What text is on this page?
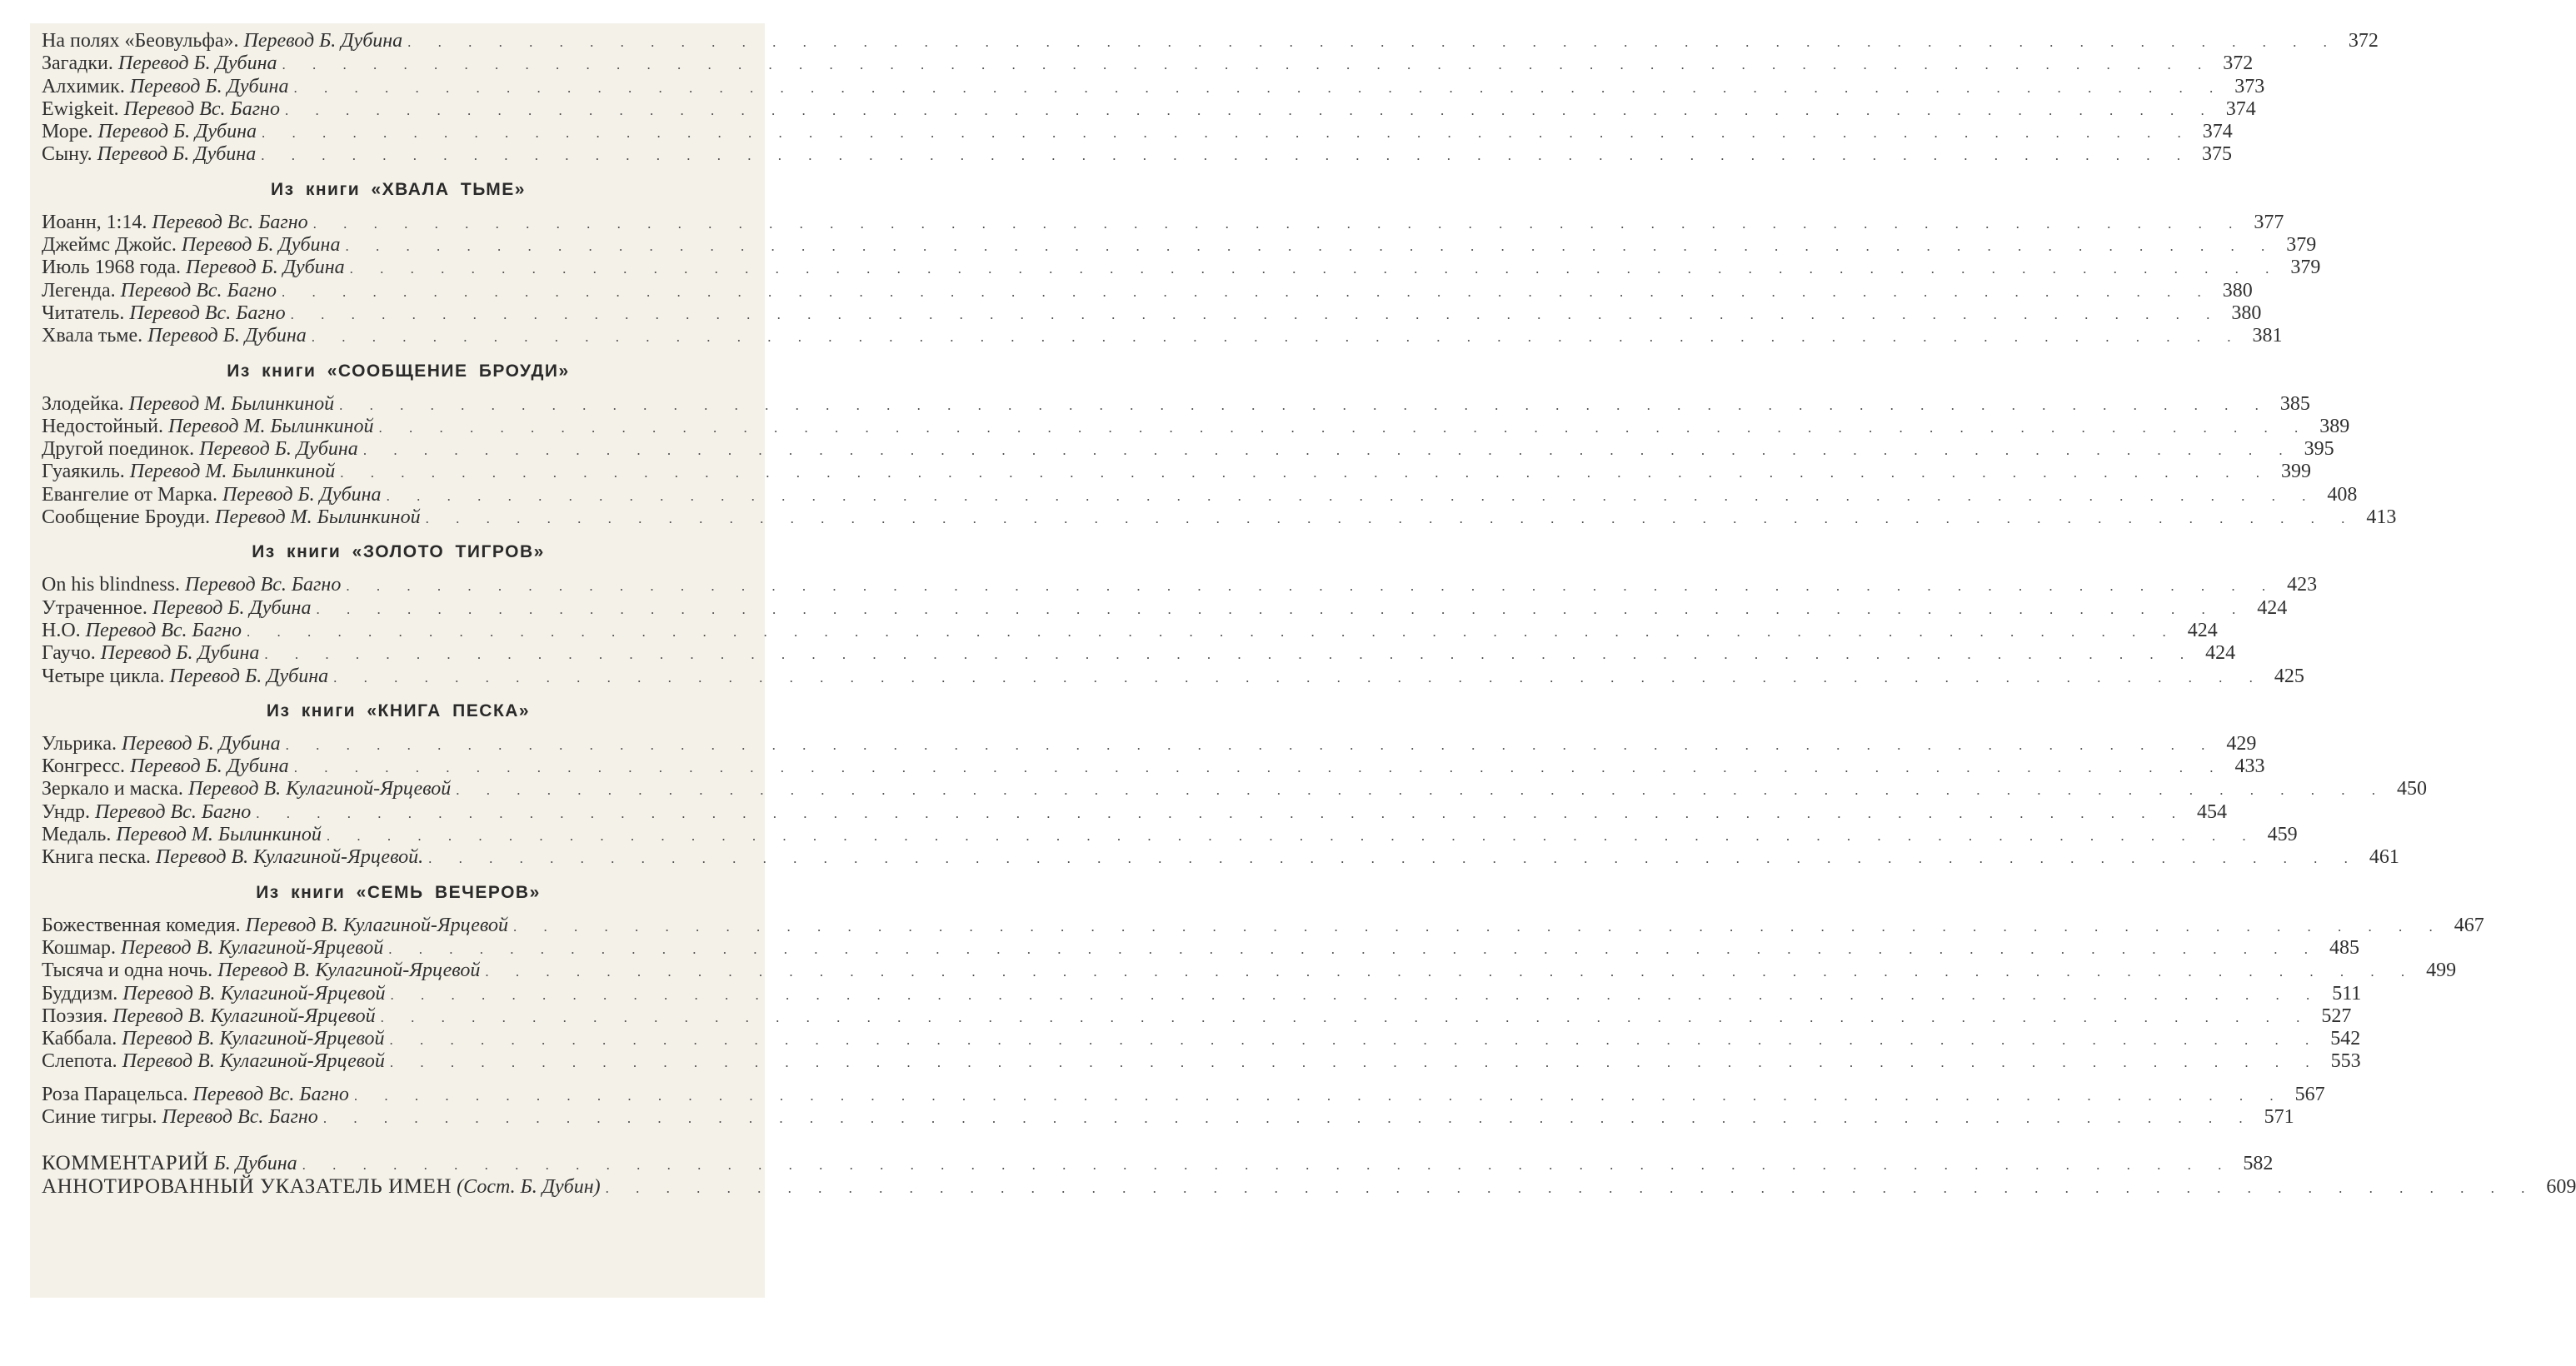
На полях «Беовульфа». Перевод Б. Дубина . . . . . . . . . . . . . . . . . . . . . . . . . . . . . . . . . . . . . . . . . . . . . . . . . . . . . . . . . . . . . . . . 372
Загадки. Перевод Б. Дубина . . . . . . . . . . . . . . . . . . . . . . . . . . . . . . . . . . . . . . . . . . . . . . . . . . . . . . . . . . . . . . . . 372
Алхимик. Перевод Б. Дубина . . . . . . . . . . . . . . . . . . . . . . . . . . . . . . . . . . . . . . . . . . . . . . . . . . . . . . . . . . . . . . . . 373
Ewigkeit. Перевод Вс. Багно . . . . . . . . . . . . . . . . . . . . . . . . . . . . . . . . . . . . . . . . . . . . . . . . . . . . . . . . . . . . . . . . 374
Море. Перевод Б. Дубина . . . . . . . . . . . . . . . . . . . . . . . . . . . . . . . . . . . . . . . . . . . . . . . . . . . . . . . . . . . . . . . . 374
Сыну. Перевод Б. Дубина . . . . . . . . . . . . . . . . . . . . . . . . . . . . . . . . . . . . . . . . . . . . . . . . . . . . . . . . . . . . . . . . 375
Из книги «ХВАЛА ТЬМЕ»
Иоанн, 1:14. Перевод Вс. Багно . . . . . . . . . . . . . . . . . . . . . . . . . . . . . . . . . . . . . . . . . . . . . . . . . . . . . . . . . . . . . . . . 377
Джеймс Джойс. Перевод Б. Дубина . . . . . . . . . . . . . . . . . . . . . . . . . . . . . . . . . . . . . . . . . . . . . . . . . . . . . . . . . . . . . . . . 379
Июль 1968 года. Перевод Б. Дубина . . . . . . . . . . . . . . . . . . . . . . . . . . . . . . . . . . . . . . . . . . . . . . . . . . . . . . . . . . . . . . . . 379
Легенда. Перевод Вс. Багно . . . . . . . . . . . . . . . . . . . . . . . . . . . . . . . . . . . . . . . . . . . . . . . . . . . . . . . . . . . . . . . . 380
Читатель. Перевод Вс. Багно . . . . . . . . . . . . . . . . . . . . . . . . . . . . . . . . . . . . . . . . . . . . . . . . . . . . . . . . . . . . . . . . 380
Хвала тьме. Перевод Б. Дубина . . . . . . . . . . . . . . . . . . . . . . . . . . . . . . . . . . . . . . . . . . . . . . . . . . . . . . . . . . . . . . . . 381
Из книги «СООБЩЕНИЕ БРОУДИ»
Злодейка. Перевод М. Былинкиной . . . . . . . . . . . . . . . . . . . . . . . . . . . . . . . . . . . . . . . . . . . . . . . . . . . . . . . . . . . . . . . . 385
Недостойный. Перевод М. Былинкиной . . . . . . . . . . . . . . . . . . . . . . . . . . . . . . . . . . . . . . . . . . . . . . . . . . . . . . . . . . . . . . . . 389
Другой поединок. Перевод Б. Дубина . . . . . . . . . . . . . . . . . . . . . . . . . . . . . . . . . . . . . . . . . . . . . . . . . . . . . . . . . . . . . . . . 395
Гуаякиль. Перевод М. Былинкиной . . . . . . . . . . . . . . . . . . . . . . . . . . . . . . . . . . . . . . . . . . . . . . . . . . . . . . . . . . . . . . . . 399
Евангелие от Марка. Перевод Б. Дубина . . . . . . . . . . . . . . . . . . . . . . . . . . . . . . . . . . . . . . . . . . . . . . . . . . . . . . . . . . . . . . . . 408
Сообщение Броуди. Перевод М. Былинкиной . . . . . . . . . . . . . . . . . . . . . . . . . . . . . . . . . . . . . . . . . . . . . . . . . . . . . . . . . . . . . . . . 413
Из книги «ЗОЛОТО ТИГРОВ»
On his blindness. Перевод Вс. Багно . . . . . . . . . . . . . . . . . . . . . . . . . . . . . . . . . . . . . . . . . . . . . . . . . . . . . . . . . . . . . . . . 423
Утраченное. Перевод Б. Дубина . . . . . . . . . . . . . . . . . . . . . . . . . . . . . . . . . . . . . . . . . . . . . . . . . . . . . . . . . . . . . . . . 424
Н.О. Перевод Вс. Багно . . . . . . . . . . . . . . . . . . . . . . . . . . . . . . . . . . . . . . . . . . . . . . . . . . . . . . . . . . . . . . . . 424
Гаучо. Перевод Б. Дубина . . . . . . . . . . . . . . . . . . . . . . . . . . . . . . . . . . . . . . . . . . . . . . . . . . . . . . . . . . . . . . . . 424
Четыре цикла. Перевод Б. Дубина . . . . . . . . . . . . . . . . . . . . . . . . . . . . . . . . . . . . . . . . . . . . . . . . . . . . . . . . . . . . . . . . 425
Из книги «КНИГА ПЕСКА»
Ульрика. Перевод Б. Дубина . . . . . . . . . . . . . . . . . . . . . . . . . . . . . . . . . . . . . . . . . . . . . . . . . . . . . . . . . . . . . . . . 429
Конгресс. Перевод Б. Дубина . . . . . . . . . . . . . . . . . . . . . . . . . . . . . . . . . . . . . . . . . . . . . . . . . . . . . . . . . . . . . . . . 433
Зеркало и маска. Перевод В. Кулагиной-Ярцевой . . . . . . . . . . . . . . . . . . . . . . . . . . . . . . . . . . . . . . . . . . . . . . . . . . . . . . . . . . . . . . . . 450
Ундр. Перевод Вс. Багно . . . . . . . . . . . . . . . . . . . . . . . . . . . . . . . . . . . . . . . . . . . . . . . . . . . . . . . . . . . . . . . . 454
Медаль. Перевод М. Былинкиной . . . . . . . . . . . . . . . . . . . . . . . . . . . . . . . . . . . . . . . . . . . . . . . . . . . . . . . . . . . . . . . . 459
Книга песка. Перевод В. Кулагиной-Ярцевой. . . . . . . . . . . . . . . . . . . . . . . . . . . . . . . . . . . . . . . . . . . . . . . . . . . . . . . . . . . . . . . . . 461
Из книги «СЕМЬ ВЕЧЕРОВ»
Божественная комедия. Перевод В. Кулагиной-Ярцевой . . . . . . . . . . . . . . . . . . . . . . . . . . . . . . . . . . . . . . . . . . . . . . . . . . . . . . . . . . . . . . . . 467
Кошмар. Перевод В. Кулагиной-Ярцевой . . . . . . . . . . . . . . . . . . . . . . . . . . . . . . . . . . . . . . . . . . . . . . . . . . . . . . . . . . . . . . . . 485
Тысяча и одна ночь. Перевод В. Кулагиной-Ярцевой . . . . . . . . . . . . . . . . . . . . . . . . . . . . . . . . . . . . . . . . . . . . . . . . . . . . . . . . . . . . . . . . 499
Буддизм. Перевод В. Кулагиной-Ярцевой . . . . . . . . . . . . . . . . . . . . . . . . . . . . . . . . . . . . . . . . . . . . . . . . . . . . . . . . . . . . . . . . 511
Поэзия. Перевод В. Кулагиной-Ярцевой . . . . . . . . . . . . . . . . . . . . . . . . . . . . . . . . . . . . . . . . . . . . . . . . . . . . . . . . . . . . . . . . 527
Каббала. Перевод В. Кулагиной-Ярцевой . . . . . . . . . . . . . . . . . . . . . . . . . . . . . . . . . . . . . . . . . . . . . . . . . . . . . . . . . . . . . . . . 542
Слепота. Перевод В. Кулагиной-Ярцевой . . . . . . . . . . . . . . . . . . . . . . . . . . . . . . . . . . . . . . . . . . . . . . . . . . . . . . . . . . . . . . . . 553
Роза Парацельса. Перевод Вс. Багно . . . . . . . . . . . . . . . . . . . . . . . . . . . . . . . . . . . . . . . . . . . . . . . . . . . . . . . . . . . . . . . . 567
Синие тигры. Перевод Вс. Багно . . . . . . . . . . . . . . . . . . . . . . . . . . . . . . . . . . . . . . . . . . . . . . . . . . . . . . . . . . . . . . . . 571
КОММЕНТАРИЙ Б. Дубина . . . . . . . . . . . . . . . . . . . . . . . . . . . . . . . . . . . . . . . . . . . . . . . . . . . . . . . . . . . . . . . . 582
АННОТИРОВАННЫЙ УКАЗАТЕЛЬ ИМЕН (Сост. Б. Дубин) . . . . . . . . . . . . . . . . . . . . . . . . . . . . . . . . . . . . . . . . . . . . . . . . . . . . . . . . . . . . . . . . 609
